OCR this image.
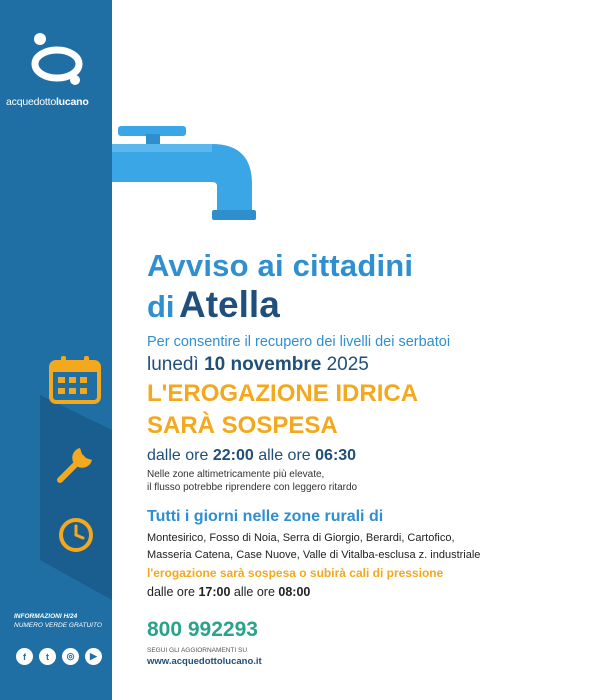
acquedottolucano
INFORMAZIONI H/24
NUMERO VERDE GRATUITO
f	t	◎	▶
Avviso ai cittadini
di Atella
Per consentire il recupero dei livelli dei serbatoi
lunedì 10 novembre 2025
L'EROGAZIONE IDRICA
SARÀ SOSPESA
dalle ore 22:00 alle ore 06:30
Nelle zone altimetricamente più elevate,
il flusso potrebbe riprendere con leggero ritardo
Tutti i giorni nelle zone rurali di
Montesirico, Fosso di Noia, Serra di Giorgio, Berardi, Cartofico,
Masseria Catena, Case Nuove, Valle di Vitalba-esclusa z. industriale
l'erogazione sarà sospesa o subirà cali di pressione
dalle ore 17:00 alle ore 08:00
800 992293
SEGUI GLI AGGIORNAMENTI SU
www.acquedottolucano.it
